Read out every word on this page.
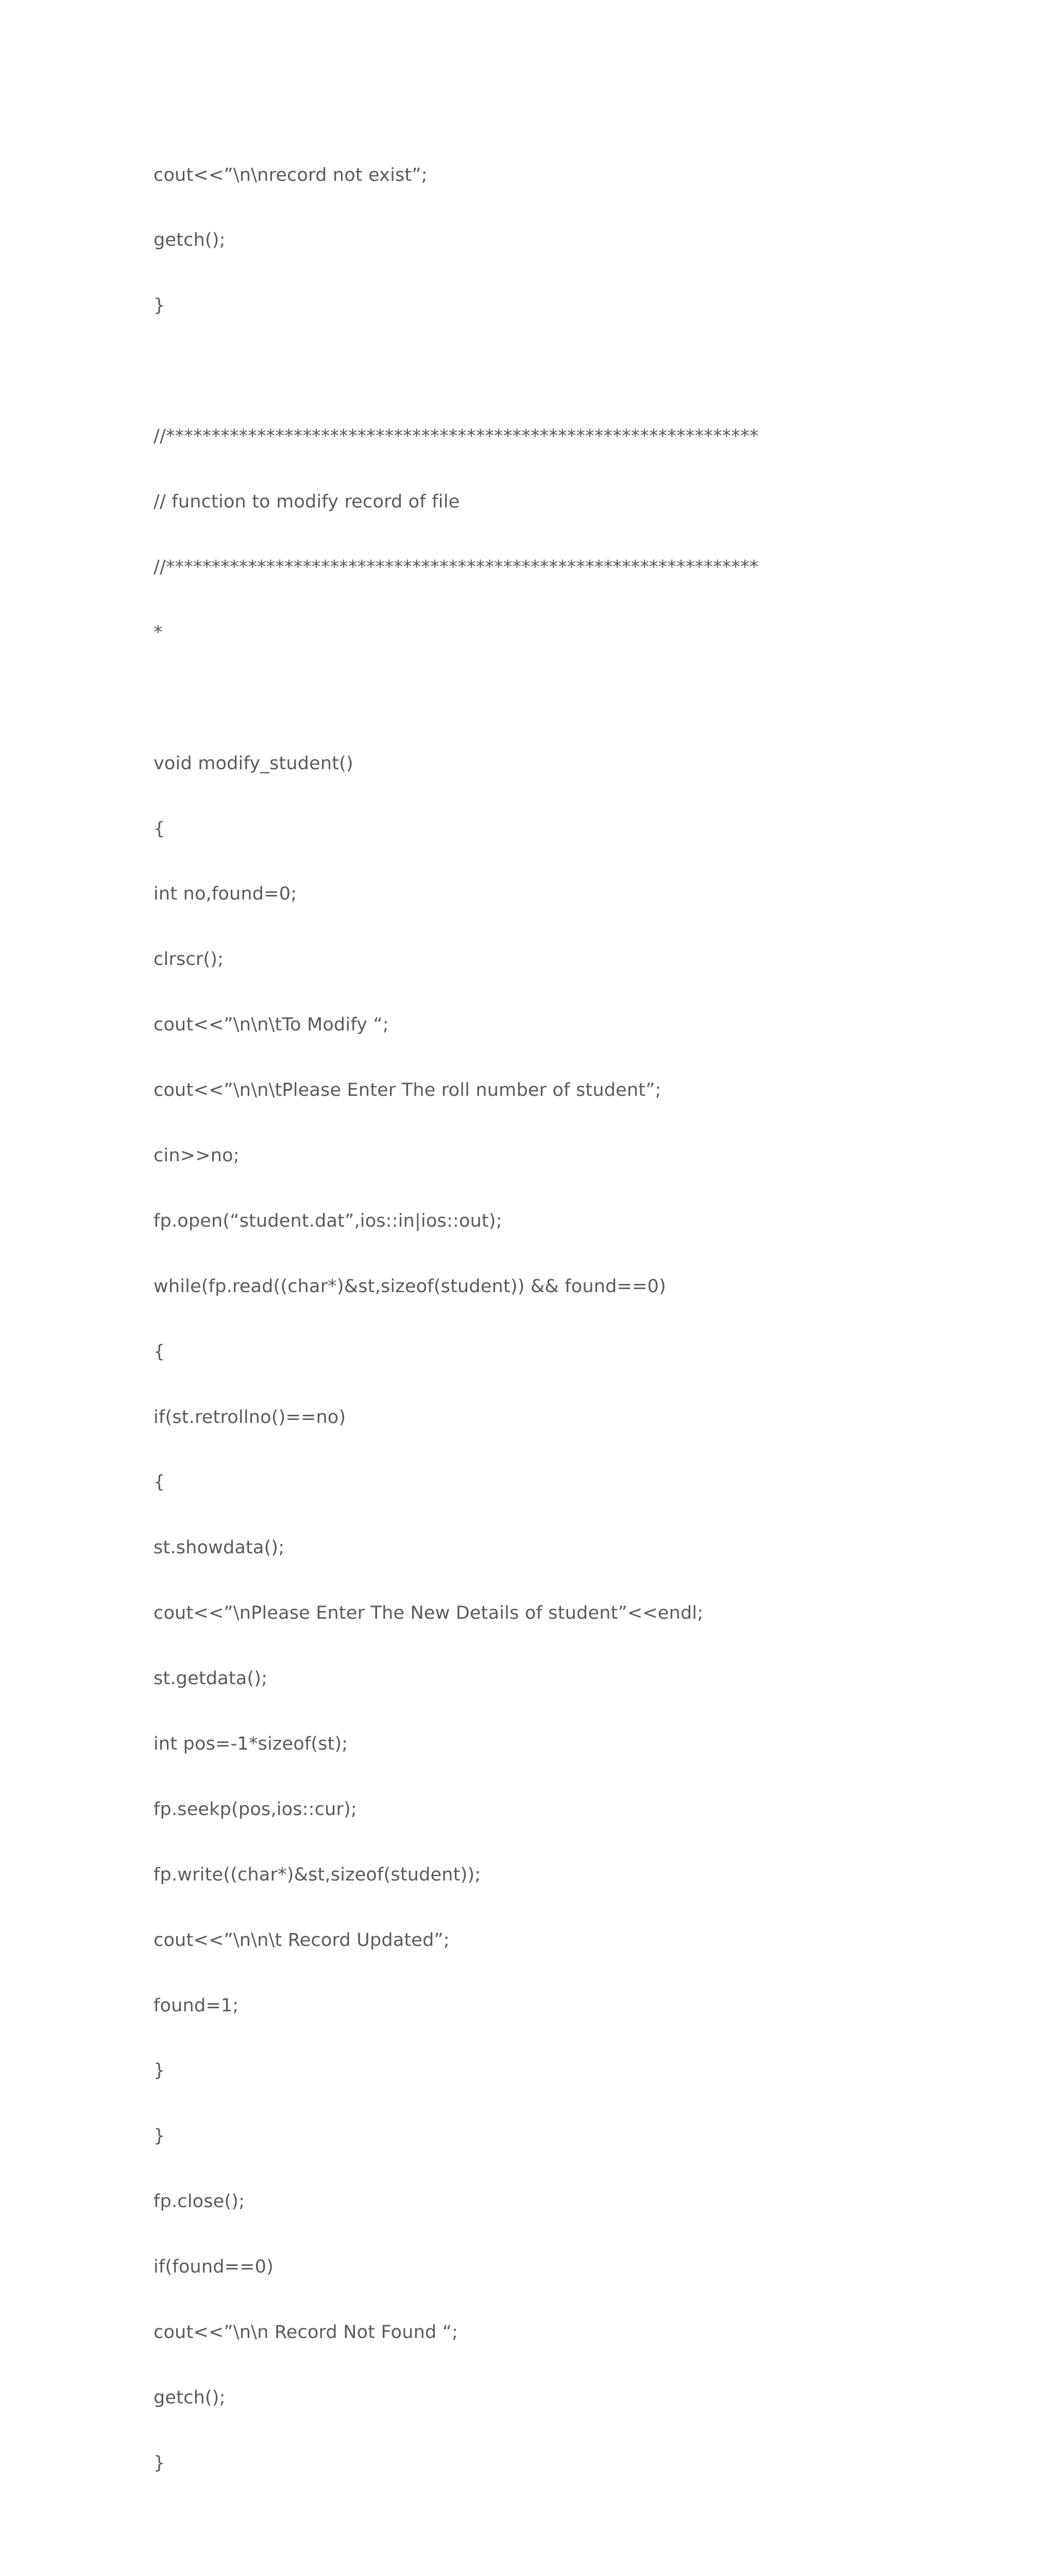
cout<<”\n\nrecord not exist”;

getch();

}

//*****************************************************************

// function to modify record of file

//*****************************************************************

*

void modify_student()

{

int no,found=0;

clrscr();

cout<<”\n\n\tTo Modify “;

cout<<”\n\n\tPlease Enter The roll number of student”;

cin>>no;

fp.open(“student.dat”,ios::in|ios::out);

while(fp.read((char*)&st,sizeof(student)) && found==0)

{

if(st.retrollno()==no)

{

st.showdata();

cout<<”\nPlease Enter The New Details of student”<<endl;

st.getdata();

int pos=-1*sizeof(st);

fp.seekp(pos,ios::cur);

fp.write((char*)&st,sizeof(student));

cout<<”\n\n\t Record Updated”;

found=1;

}

}

fp.close();

if(found==0)

cout<<”\n\n Record Not Found “;

getch();

}
